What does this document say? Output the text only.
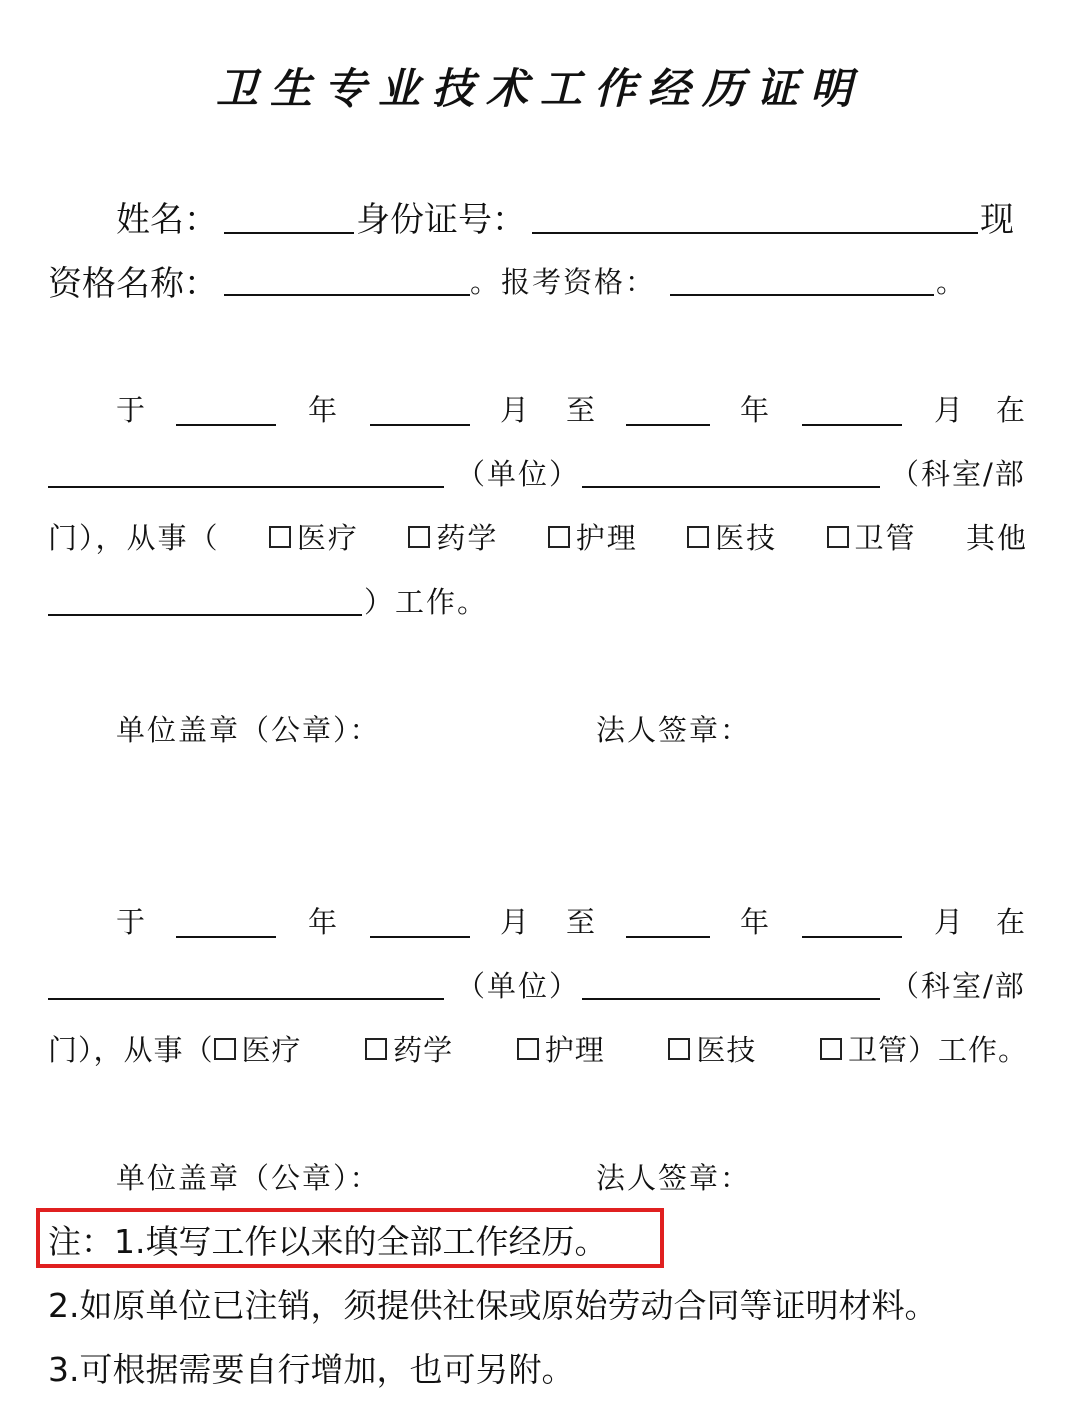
卫生专业技术工作经历证明
姓名：	身份证号：	现
资格名称：	。报考资格：	。
于	年	月 至	年	月 在
（单位）	（科室/部
门），从事（	医疗	药学	护理	医技	卫管 其他
）工作。
单位盖章（公章）：	法人签章：
于	年	月 至	年	月 在
（单位）	（科室/部
门），从事（ 医疗	药学	护理	医技	卫管 ）工作。
单位盖章（公章）：	法人签章：
注：1.填写工作以来的全部工作经历。
2.如原单位已注销，须提供社保或原始劳动合同等证明材料。
3.可根据需要自行增加，也可另附。
